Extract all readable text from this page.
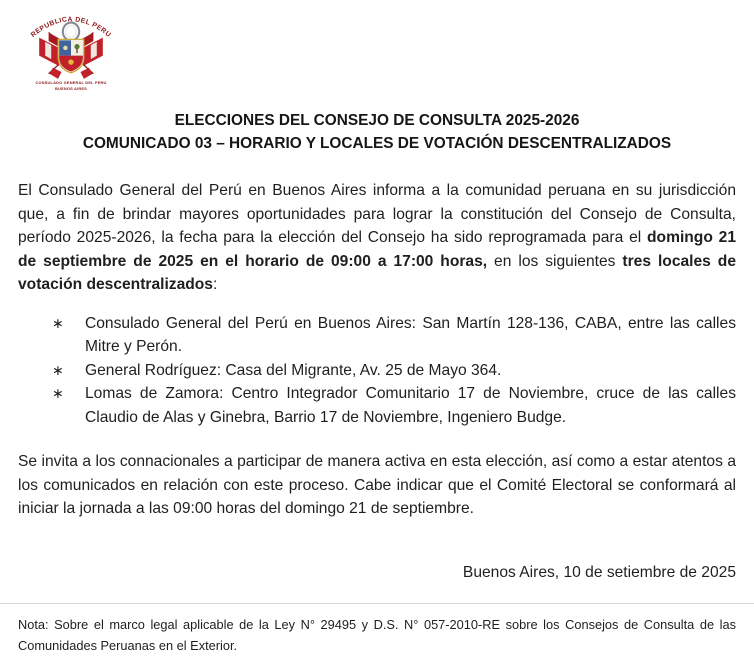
REPUBLICA DEL PERU
CONSULADO GENERAL DEL PERU
BUENOS AIRES
ELECCIONES DEL CONSEJO DE CONSULTA 2025-2026
COMUNICADO 03 – HORARIO Y LOCALES DE VOTACIÓN DESCENTRALIZADOS

El Consulado General del Perú en Buenos Aires informa a la comunidad peruana en su jurisdicción que, a fin de brindar mayores oportunidades para lograr la constitución del Consejo de Consulta, período 2025-2026, la fecha para la elección del Consejo ha sido reprogramada para el domingo 21 de septiembre de 2025 en el horario de 09:00 a 17:00 horas, en los siguientes tres locales de votación descentralizados:

∗	Consulado General del Perú en Buenos Aires: San Martín 128-136, CABA, entre las calles Mitre y Perón.
∗	General Rodríguez: Casa del Migrante, Av. 25 de Mayo 364.
∗	Lomas de Zamora: Centro Integrador Comunitario 17 de Noviembre, cruce de las calles Claudio de Alas y Ginebra, Barrio 17 de Noviembre, Ingeniero Budge.

Se invita a los connacionales a participar de manera activa en esta elección, así como a estar atentos a los comunicados en relación con este proceso. Cabe indicar que el Comité Electoral se conformará al iniciar la jornada a las 09:00 horas del domingo 21 de septiembre.

Buenos Aires, 10 de setiembre de 2025

Nota: Sobre el marco legal aplicable de la Ley N° 29495 y D.S. N° 057-2010-RE sobre los Consejos de Consulta de las Comunidades Peruanas en el Exterior.
